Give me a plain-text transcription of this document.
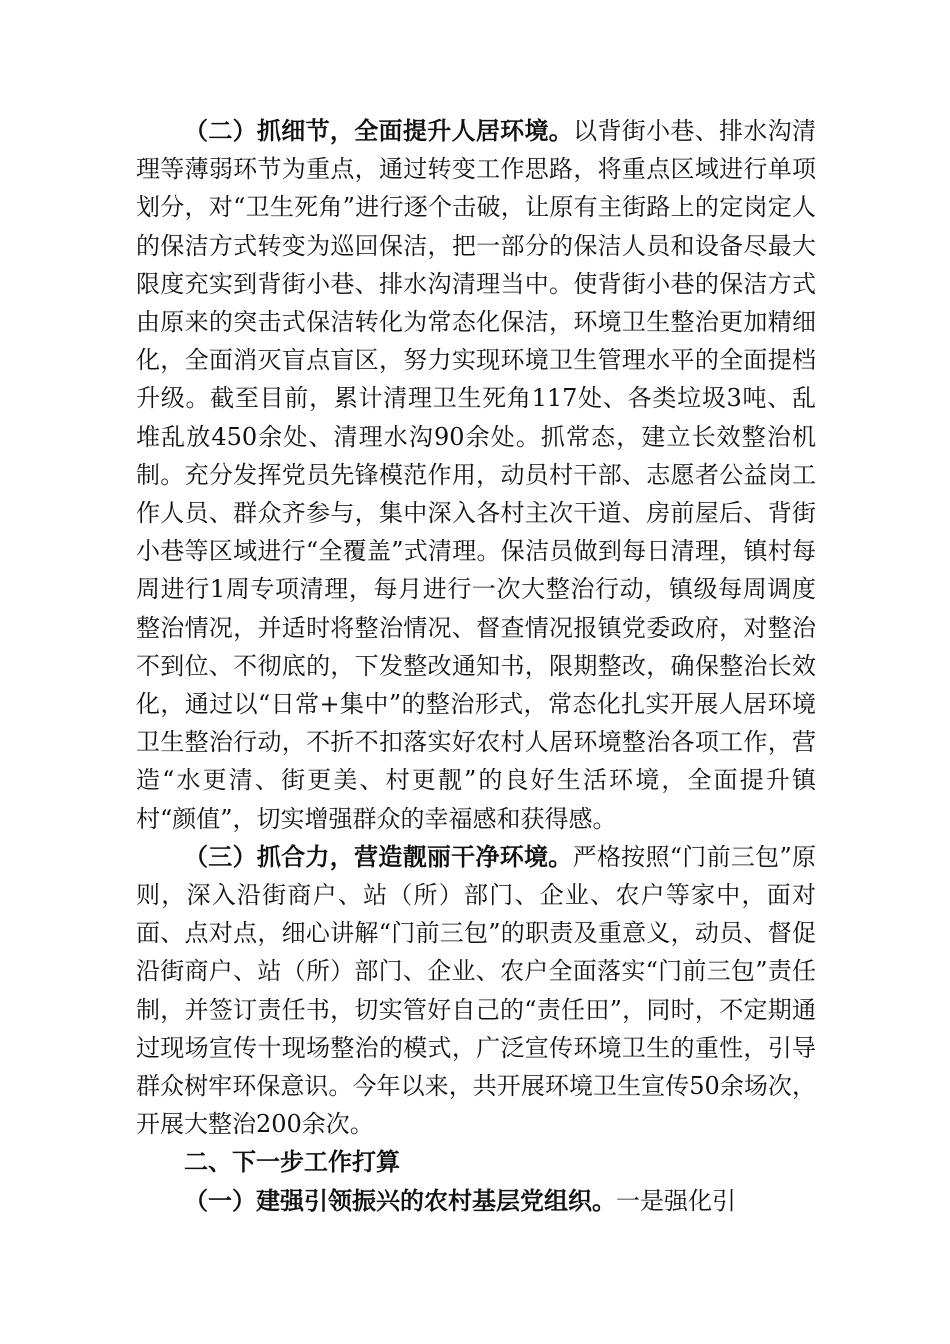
（二）抓细节，全面提升人居环境。以背街小巷、排水沟清理等薄弱环节为重点，通过转变工作思路，将重点区域进行单项划分，对“卫生死角”进行逐个击破，让原有主街路上的定岗定人的保洁方式转变为巡回保洁，把一部分的保洁人员和设备尽最大限度充实到背街小巷、排水沟清理当中。使背街小巷的保洁方式由原来的突击式保洁转化为常态化保洁，环境卫生整治更加精细化，全面消灭盲点盲区，努力实现环境卫生管理水平的全面提档升级。截至目前，累计清理卫生死角117处、各类垃圾3吨、乱堆乱放450余处、清理水沟90余处。抓常态，建立长效整治机制。充分发挥党员先锋模范作用，动员村干部、志愿者公益岗工作人员、群众齐参与，集中深入各村主次干道、房前屋后、背街小巷等区域进行“全覆盖”式清理。保洁员做到每日清理，镇村每周进行1周专项清理，每月进行一次大整治行动，镇级每周调度整治情况，并适时将整治情况、督查情况报镇党委政府，对整治不到位、不彻底的，下发整改通知书，限期整改，确保整治长效化，通过以“日常+集中”的整治形式，常态化扎实开展人居环境卫生整治行动，不折不扣落实好农村人居环境整治各项工作，营造“水更清、街更美、村更靓”的良好生活环境，全面提升镇村“颜值”，切实增强群众的幸福感和获得感。

（三）抓合力，营造靓丽干净环境。严格按照“门前三包”原则，深入沿街商户、站（所）部门、企业、农户等家中，面对面、点对点，细心讲解“门前三包”的职责及重意义，动员、督促沿街商户、站（所）部门、企业、农户全面落实“门前三包”责任制，并签订责任书，切实管好自己的“责任田”，同时，不定期通过现场宣传十现场整治的模式，广泛宣传环境卫生的重性，引导群众树牢环保意识。今年以来，共开展环境卫生宣传50余场次，开展大整治200余次。

二、下一步工作打算

（一）建强引领振兴的农村基层党组织。一是强化引
